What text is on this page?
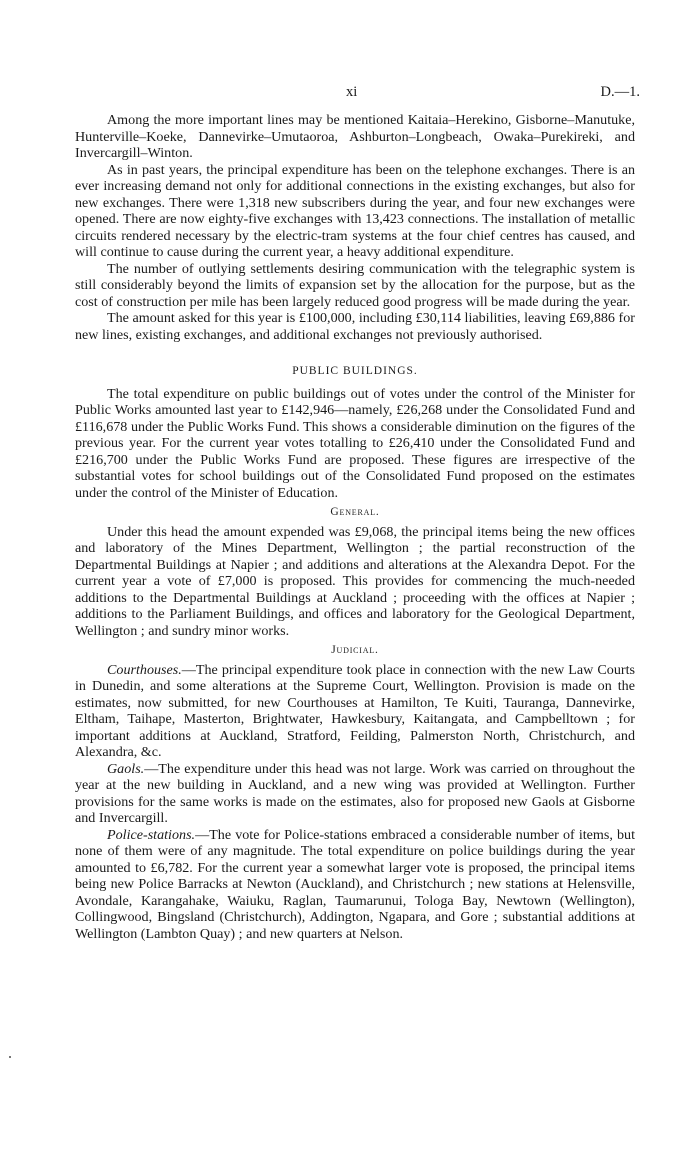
xi	D.—1.

Among the more important lines may be mentioned Kaitaia–Herekino, Gisborne–Manutuke, Hunterville–Koeke, Dannevirke–Umutaoroa, Ashburton–Longbeach, Owaka–Purekireki, and Invercargill–Winton.

As in past years, the principal expenditure has been on the telephone exchanges. There is an ever increasing demand not only for additional connections in the existing exchanges, but also for new exchanges. There were 1,318 new subscribers during the year, and four new exchanges were opened. There are now eighty-five exchanges with 13,423 connections. The installation of metallic circuits rendered necessary by the electric-tram systems at the four chief centres has caused, and will continue to cause during the current year, a heavy additional expenditure.

The number of outlying settlements desiring communication with the telegraphic system is still considerably beyond the limits of expansion set by the allocation for the purpose, but as the cost of construction per mile has been largely reduced good progress will be made during the year.

The amount asked for this year is £100,000, including £30,114 liabilities, leaving £69,886 for new lines, existing exchanges, and additional exchanges not previously authorised.

PUBLIC BUILDINGS.

The total expenditure on public buildings out of votes under the control of the Minister for Public Works amounted last year to £142,946—namely, £26,268 under the Consolidated Fund and £116,678 under the Public Works Fund. This shows a considerable diminution on the figures of the previous year. For the current year votes totalling to £26,410 under the Consolidated Fund and £216,700 under the Public Works Fund are proposed. These figures are irrespective of the substantial votes for school buildings out of the Consolidated Fund proposed on the estimates under the control of the Minister of Education.

General.

Under this head the amount expended was £9,068, the principal items being the new offices and laboratory of the Mines Department, Wellington ; the partial reconstruction of the Departmental Buildings at Napier ; and additions and alterations at the Alexandra Depot. For the current year a vote of £7,000 is proposed. This provides for commencing the much-needed additions to the Departmental Buildings at Auckland ; proceeding with the offices at Napier ; additions to the Parliament Buildings, and offices and laboratory for the Geological Department, Wellington ; and sundry minor works.

Judicial.

Courthouses.—The principal expenditure took place in connection with the new Law Courts in Dunedin, and some alterations at the Supreme Court, Wellington. Provision is made on the estimates, now submitted, for new Courthouses at Hamilton, Te Kuiti, Tauranga, Dannevirke, Eltham, Taihape, Masterton, Brightwater, Hawkesbury, Kaitangata, and Campbelltown ; for important additions at Auckland, Stratford, Feilding, Palmerston North, Christchurch, and Alexandra, &c.

Gaols.—The expenditure under this head was not large. Work was carried on throughout the year at the new building in Auckland, and a new wing was provided at Wellington. Further provisions for the same works is made on the estimates, also for proposed new Gaols at Gisborne and Invercargill.

Police-stations.—The vote for Police-stations embraced a considerable number of items, but none of them were of any magnitude. The total expenditure on police buildings during the year amounted to £6,782. For the current year a somewhat larger vote is proposed, the principal items being new Police Barracks at Newton (Auckland), and Christchurch ; new stations at Helensville, Avondale, Karangahake, Waiuku, Raglan, Taumarunui, Tologa Bay, Newtown (Wellington), Collingwood, Bingsland (Christchurch), Addington, Ngapara, and Gore ; substantial additions at Wellington (Lambton Quay) ; and new quarters at Nelson.
